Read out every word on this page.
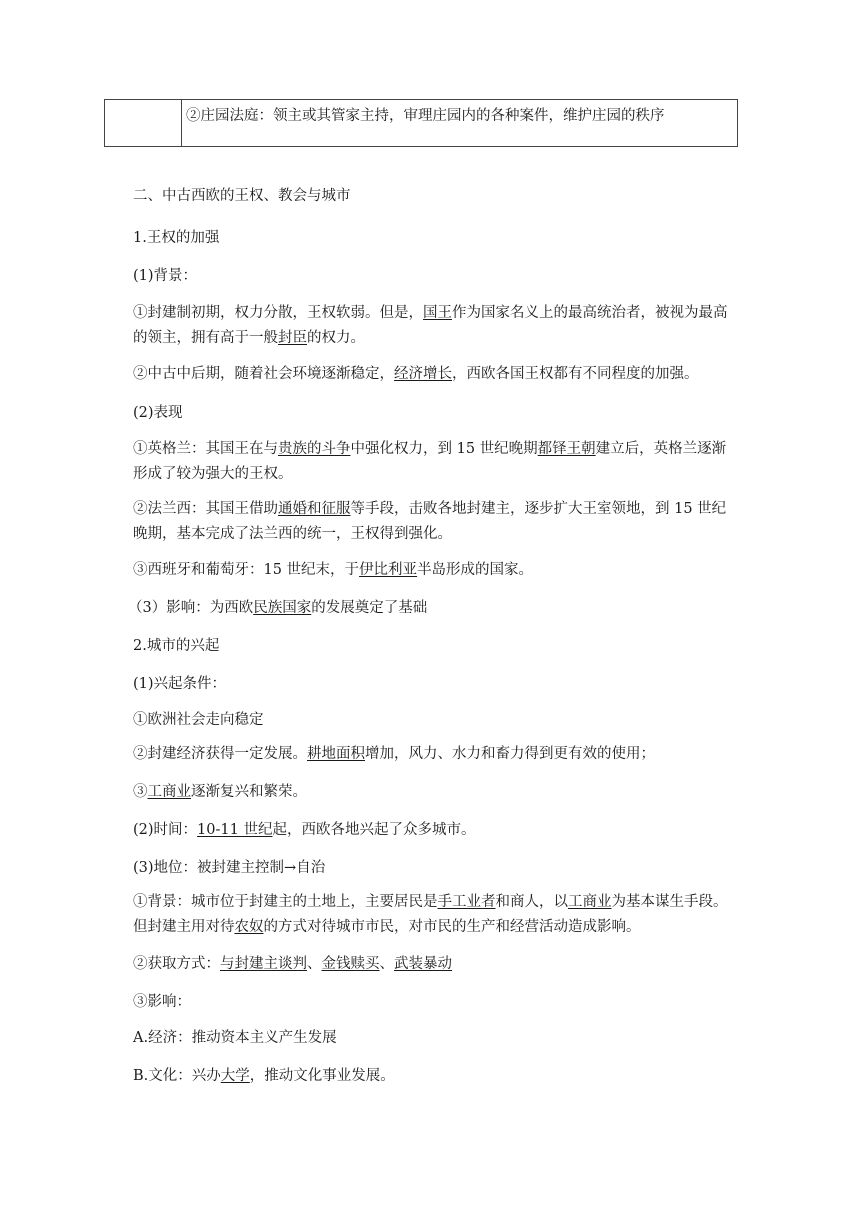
	②庄园法庭：领主或其管家主持，审理庄园内的各种案件，维护庄园的秩序
二、中古西欧的王权、教会与城市
1.王权的加强
(1)背景：
①封建制初期，权力分散，王权软弱。但是，国王作为国家名义上的最高统治者，被视为最高的领主，拥有高于一般封臣的权力。
②中古中后期，随着社会环境逐渐稳定，经济增长，西欧各国王权都有不同程度的加强。
(2)表现
①英格兰：其国王在与贵族的斗争中强化权力，到 15 世纪晚期都铎王朝建立后，英格兰逐渐形成了较为强大的王权。
②法兰西：其国王借助通婚和征服等手段，击败各地封建主，逐步扩大王室领地，到 15 世纪晚期，基本完成了法兰西的统一，王权得到强化。
③西班牙和葡萄牙：15 世纪末，于伊比利亚半岛形成的国家。
（3）影响：为西欧民族国家的发展奠定了基础
2.城市的兴起
(1)兴起条件：
①欧洲社会走向稳定
②封建经济获得一定发展。耕地面积增加，风力、水力和畜力得到更有效的使用；
③工商业逐渐复兴和繁荣。
(2)时间：10-11 世纪起，西欧各地兴起了众多城市。
(3)地位：被封建主控制→自治
①背景：城市位于封建主的土地上，主要居民是手工业者和商人，以工商业为基本谋生手段。但封建主用对待农奴的方式对待城市市民，对市民的生产和经营活动造成影响。
②获取方式：与封建主谈判、金钱赎买、武装暴动
③影响：
A.经济：推动资本主义产生发展
B.文化：兴办大学，推动文化事业发展。
